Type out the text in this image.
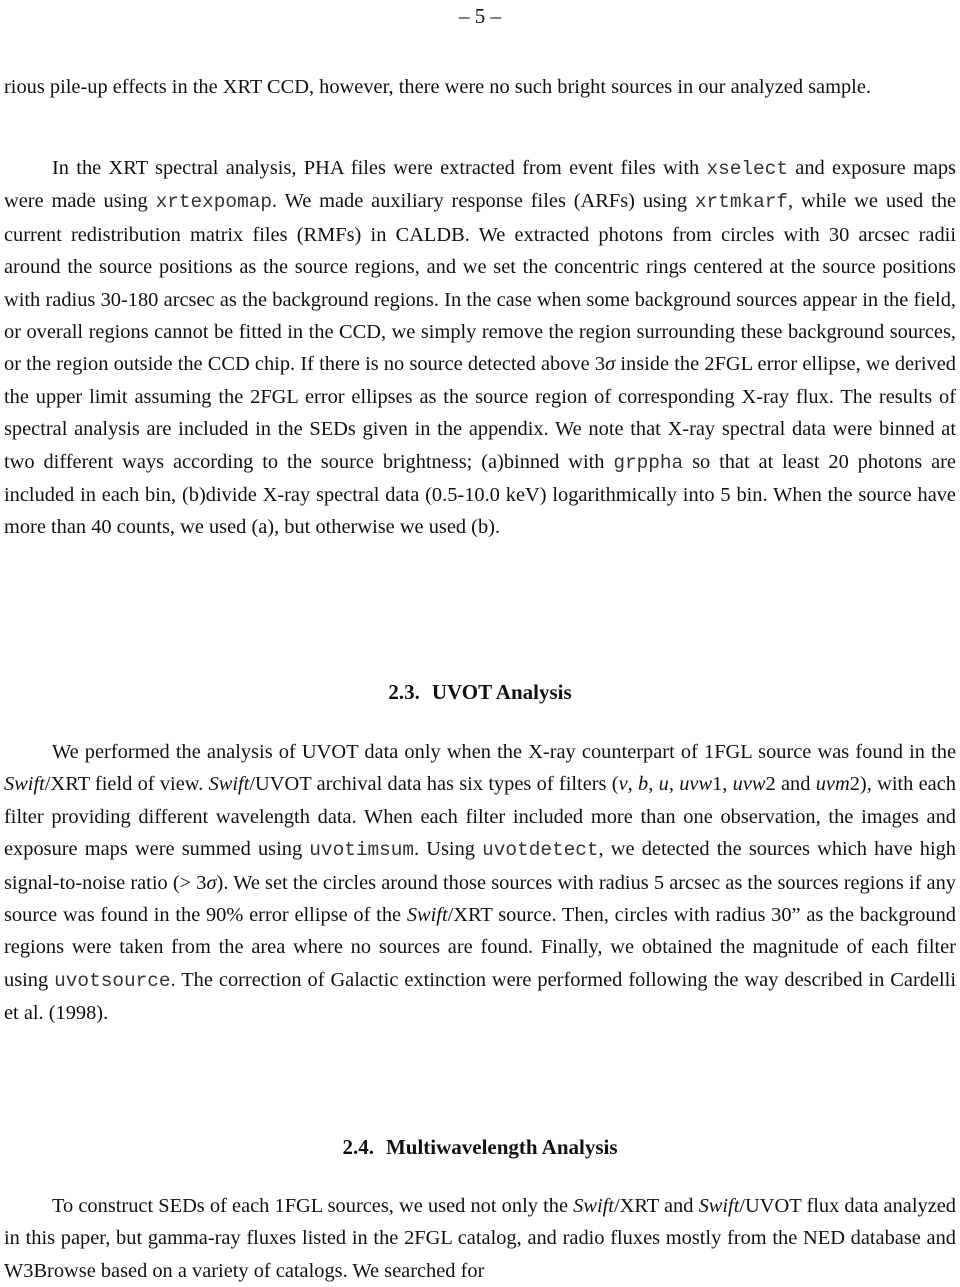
– 5 –

rious pile-up effects in the XRT CCD, however, there were no such bright sources in our analyzed sample.

In the XRT spectral analysis, PHA files were extracted from event files with xselect and exposure maps were made using xrtexpomap. We made auxiliary response files (ARFs) using xrtmkarf, while we used the current redistribution matrix files (RMFs) in CALDB. We extracted photons from circles with 30 arcsec radii around the source positions as the source regions, and we set the concentric rings centered at the source positions with radius 30-180 arcsec as the background regions. In the case when some background sources appear in the field, or overall regions cannot be fitted in the CCD, we simply remove the region surrounding these background sources, or the region outside the CCD chip. If there is no source detected above 3σ inside the 2FGL error ellipse, we derived the upper limit assuming the 2FGL error ellipses as the source region of corresponding X-ray flux. The results of spectral analysis are included in the SEDs given in the appendix. We note that X-ray spectral data were binned at two different ways according to the source brightness; (a)binned with grppha so that at least 20 photons are included in each bin, (b)divide X-ray spectral data (0.5-10.0 keV) logarithmically into 5 bin. When the source have more than 40 counts, we used (a), but otherwise we used (b).

2.3. UVOT Analysis

We performed the analysis of UVOT data only when the X-ray counterpart of 1FGL source was found in the Swift/XRT field of view. Swift/UVOT archival data has six types of filters (v, b, u, uvw1, uvw2 and uvm2), with each filter providing different wavelength data. When each filter included more than one observation, the images and exposure maps were summed using uvotimsum. Using uvotdetect, we detected the sources which have high signal-to-noise ratio (> 3σ). We set the circles around those sources with radius 5 arcsec as the sources regions if any source was found in the 90% error ellipse of the Swift/XRT source. Then, circles with radius 30” as the background regions were taken from the area where no sources are found. Finally, we obtained the magnitude of each filter using uvotsource. The correction of Galactic extinction were performed following the way described in Cardelli et al. (1998).

2.4. Multiwavelength Analysis

To construct SEDs of each 1FGL sources, we used not only the Swift/XRT and Swift/UVOT flux data analyzed in this paper, but gamma-ray fluxes listed in the 2FGL catalog, and radio fluxes mostly from the NED database and W3Browse based on a variety of catalogs. We searched for
